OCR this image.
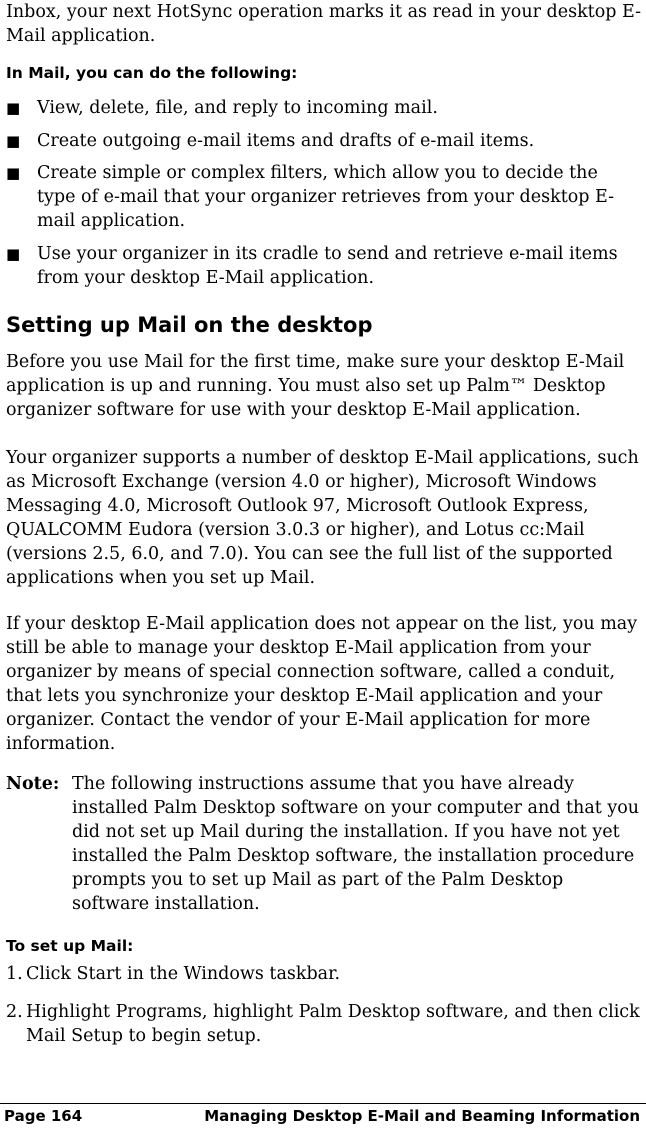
Inbox, your next HotSync operation marks it as read in your desktop E-Mail application.

In Mail, you can do the following:
■ View, delete, file, and reply to incoming mail.
■ Create outgoing e-mail items and drafts of e-mail items.
■ Create simple or complex filters, which allow you to decide the type of e-mail that your organizer retrieves from your desktop E-mail application.
■ Use your organizer in its cradle to send and retrieve e-mail items from your desktop E-Mail application.
Setting up Mail on the desktop

Before you use Mail for the first time, make sure your desktop E-Mail application is up and running. You must also set up Palm™ Desktop organizer software for use with your desktop E-Mail application.

Your organizer supports a number of desktop E-Mail applications, such as Microsoft Exchange (version 4.0 or higher), Microsoft Windows Messaging 4.0, Microsoft Outlook 97, Microsoft Outlook Express, QUALCOMM Eudora (version 3.0.3 or higher), and Lotus cc:Mail (versions 2.5, 6.0, and 7.0). You can see the full list of the supported applications when you set up Mail.

If your desktop E-Mail application does not appear on the list, you may still be able to manage your desktop E-Mail application from your organizer by means of special connection software, called a conduit, that lets you synchronize your desktop E-Mail application and your organizer. Contact the vendor of your E-Mail application for more information.

Note: The following instructions assume that you have already installed Palm Desktop software on your computer and that you did not set up Mail during the installation. If you have not yet installed the Palm Desktop software, the installation procedure prompts you to set up Mail as part of the Palm Desktop software installation.
To set up Mail:
1. Click Start in the Windows taskbar.
2. Highlight Programs, highlight Palm Desktop software, and then click Mail Setup to begin setup.
Page 164	Managing Desktop E-Mail and Beaming Information
